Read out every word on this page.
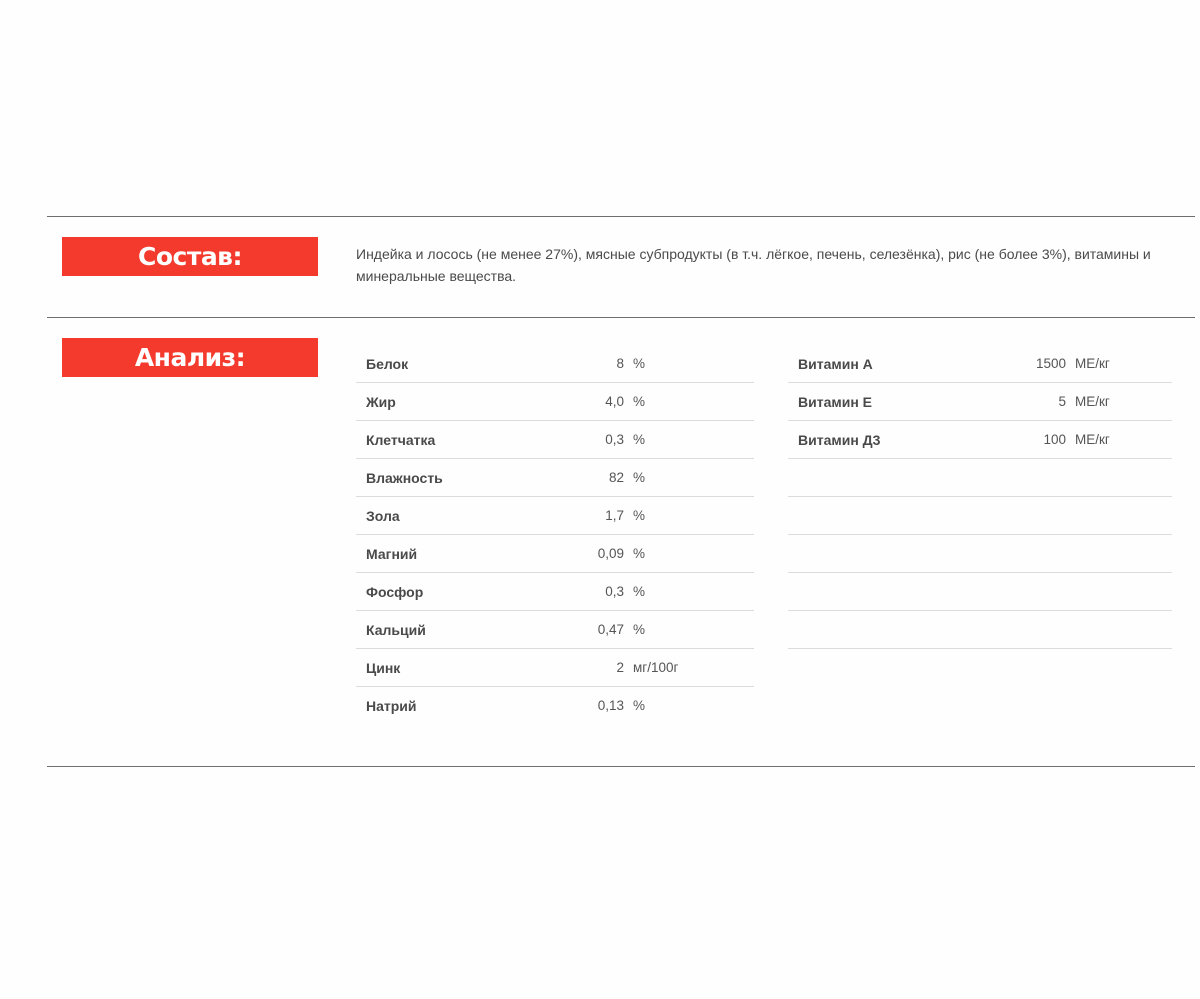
Состав:	Индейка и лосось (не менее 27%), мясные субпродукты (в т.ч. лёгкое, печень, селезёнка), рис (не более 3%), витамины и минеральные вещества.
Анализ:	Белок	8 %
Жир	4,0 %
Клетчатка	0,3 %
Влажность	82 %
Зола	1,7 %
Магний	0,09 %
Фосфор	0,3 %
Кальций	0,47 %
Цинк	2 мг/100г
Натрий	0,13 %
Витамин А	1500 МЕ/кг
Витамин Е	5 МЕ/кг
Витамин Д3	100 МЕ/кг
